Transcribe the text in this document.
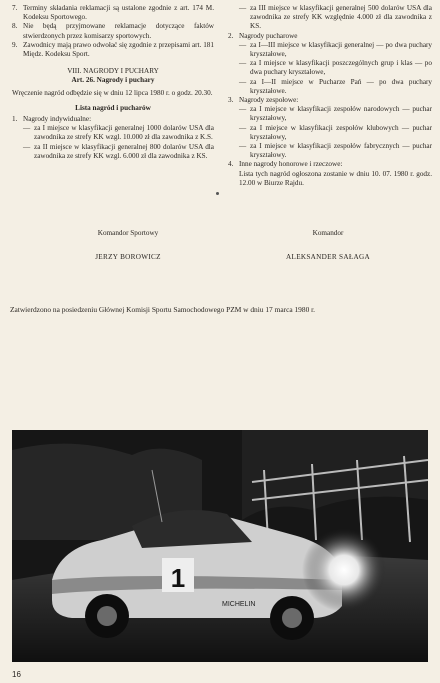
7. Terminy składania reklamacji są ustalone zgodnie z art. 174 M. Kodeksu Sportowego.
8. Nie będą przyjmowane reklamacje dotyczące faktów stwierdzonych przez komisarzy sportowych.
9. Zawodnicy mają prawo odwołać się zgodnie z przepisami art. 181 Międz. Kodeksu Sport.
VIII. NAGRODY I PUCHARY
Art. 26. Nagrody i puchary
Wręczenie nagród odbędzie się w dniu 12 lipca 1980 r. o godz. 20.30.
Lista nagród i pucharów
1. Nagrody indywidualne:
— za I miejsce w klasyfikacji generalnej 1000 dolarów USA dla zawodnika ze strefy KK wzgl. 10.000 zł dla zawodnika z K.S.
— za II miejsce w klasyfikacji generalnej 800 dolarów USA dla zawodnika ze strefy KK wzgl. 6.000 zł dla zawodnika z KS.
— za III miejsce w klasyfikacji generalnej 500 dolarów USA dla zawodnika ze strefy KK względnie 4.000 zł dla zawodnika z KS.
2. Nagrody pucharowe
— za I—III miejsce w klasyfikacji generalnej — po dwa puchary kryształowe,
— za I miejsce w klasyfikacji poszczególnych grup i klas — po dwa puchary kryształowe,
— za I—II miejsce w Pucharze Pań — po dwa puchary kryształowe.
3. Nagrody zespołowe:
— za I miejsce w klasyfikacji zespołów narodowych — puchar kryształowy,
— za I miejsce w klasyfikacji zespołów klubowych — puchar kryształowy,
— za I miejsce w klasyfikacji zespołów fabrycznych — puchar kryształowy.
4. Inne nagrody honorowe i rzeczowe:
Lista tych nagród ogłoszona zostanie w dniu 10. 07. 1980 r. godz. 12.00 w Biurze Rajdu.
Komandor Sportowy
JERZY BOROWICZ
Komandor
ALEKSANDER SAŁAGA
Zatwierdzono na posiedzeniu Głównej Komisji Sportu Samochodowego PZM w dniu 17 marca 1980 r.
1
MICHELIN
16
